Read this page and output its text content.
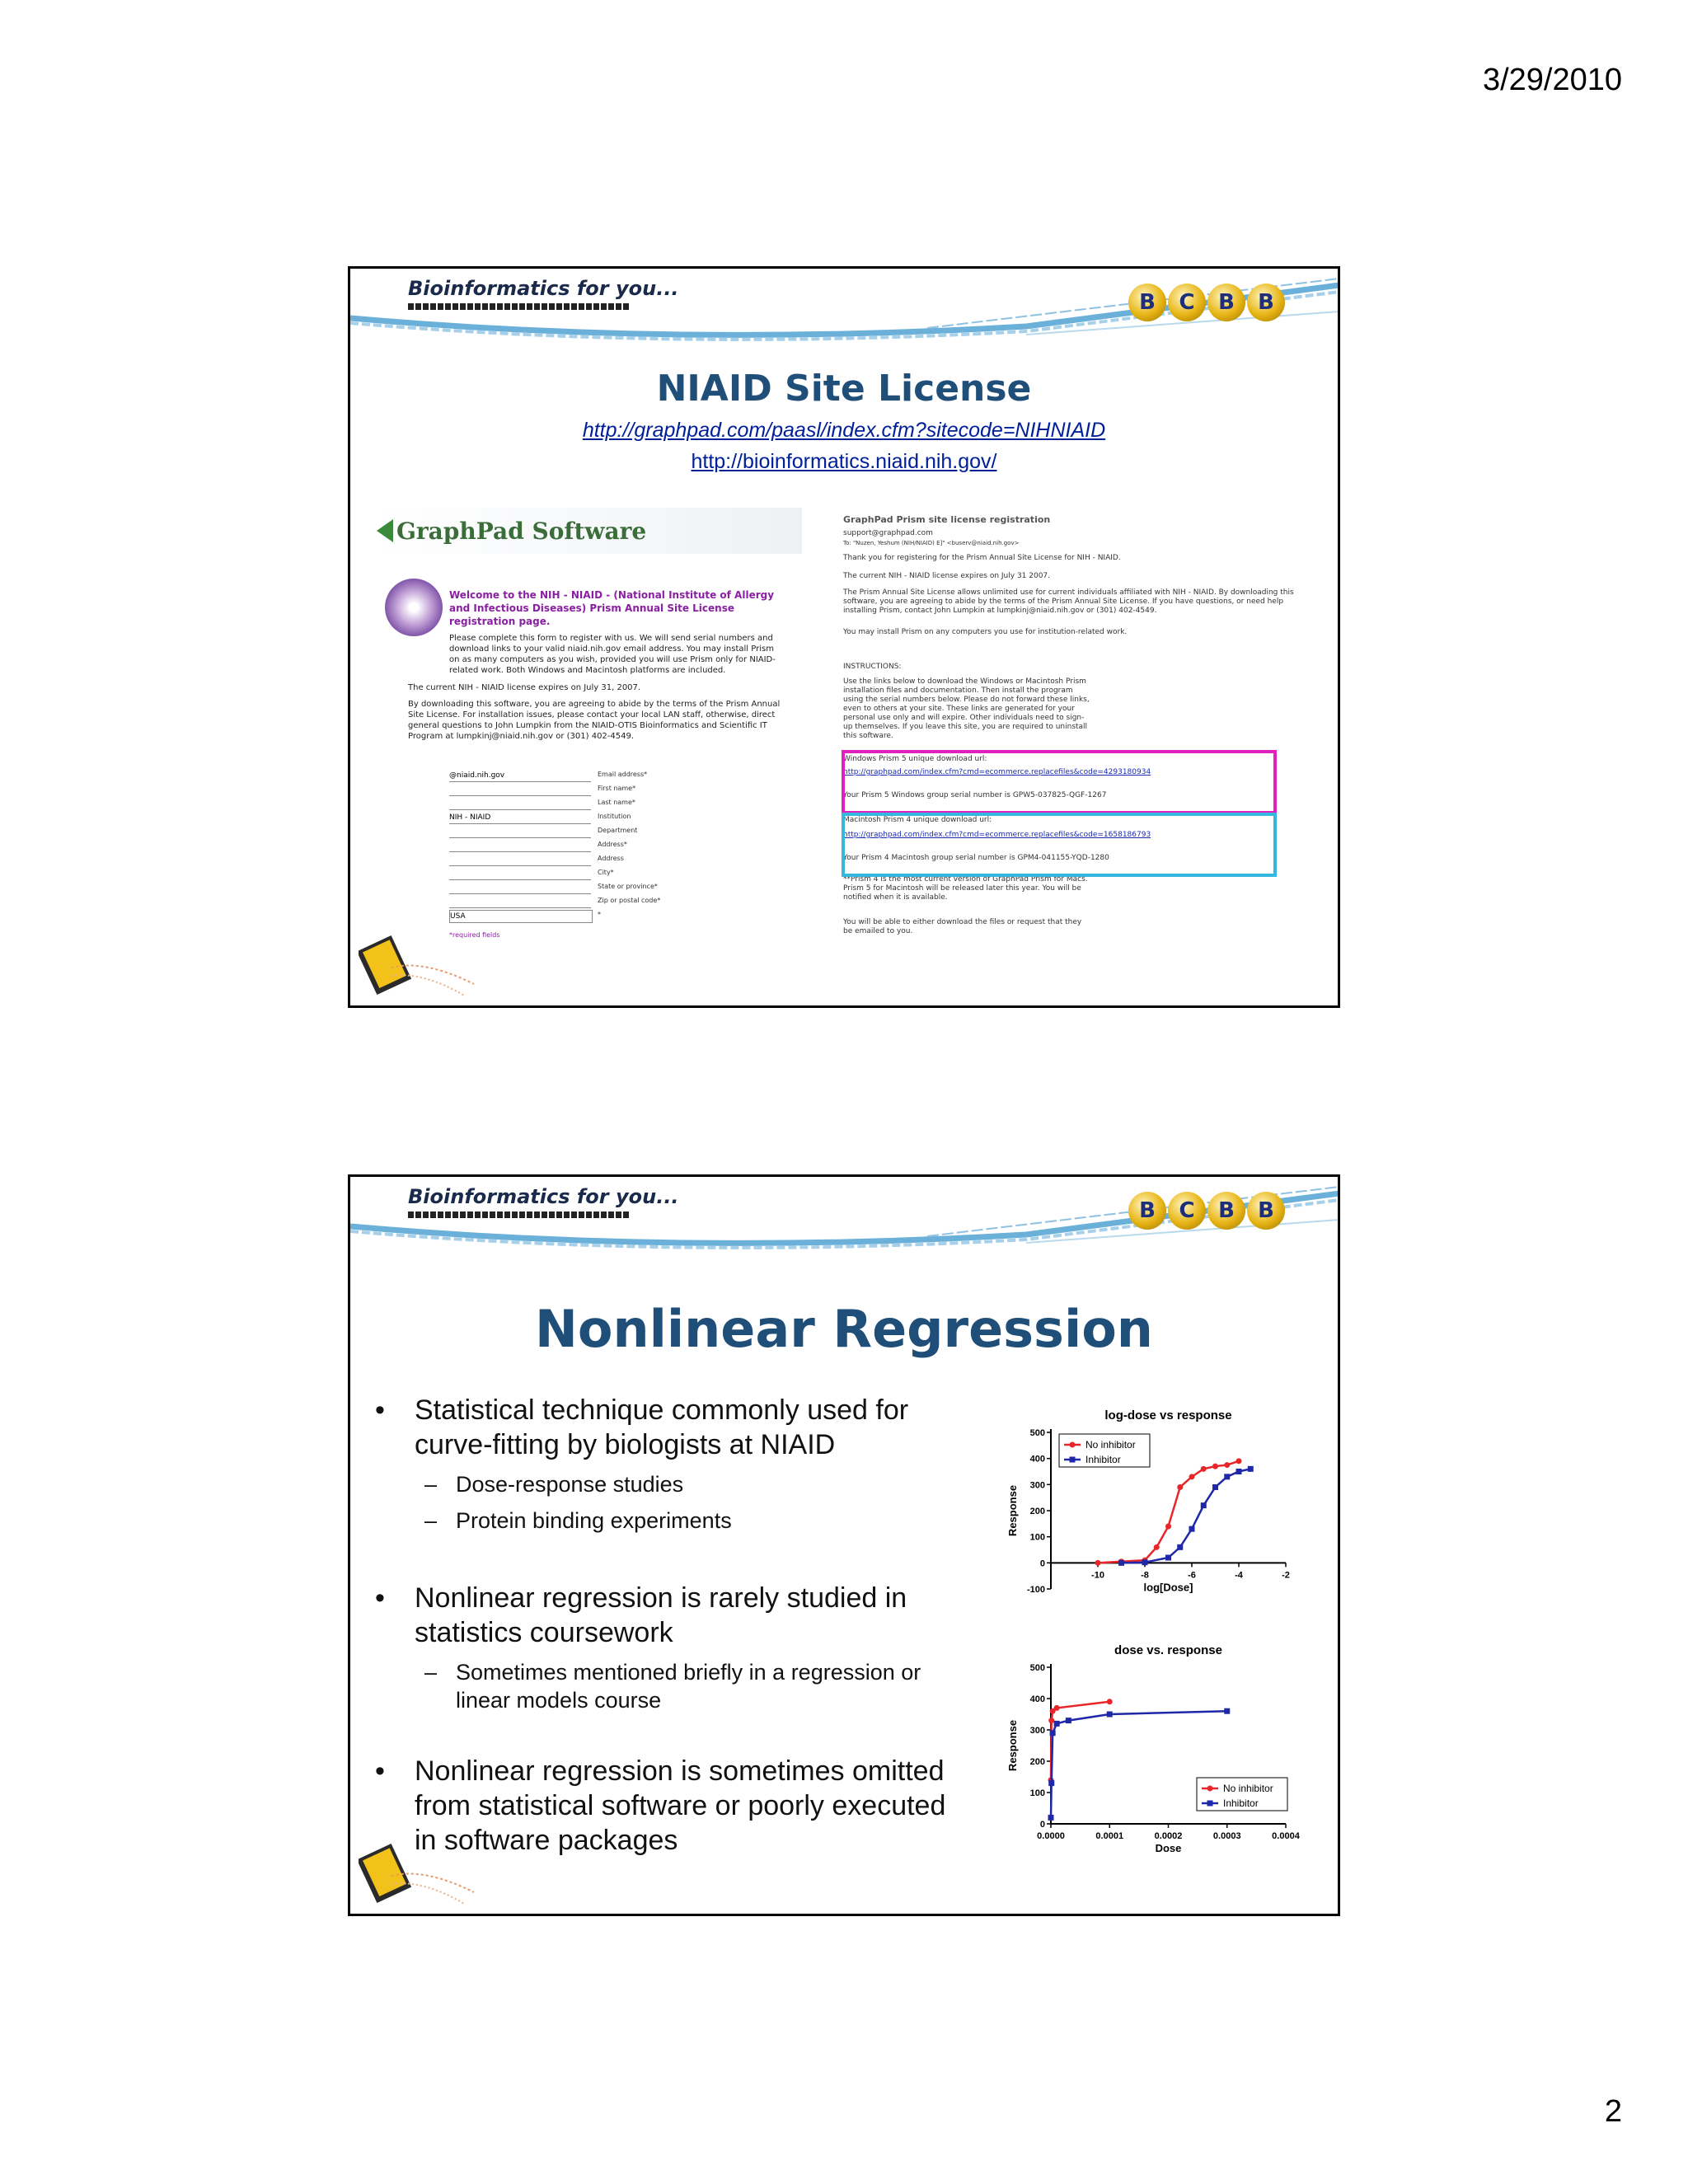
3/29/2010
Bioinformatics for you...
B	C	B	B
NIAID Site License
http://graphpad.com/paasl/index.cfm?sitecode=NIHNIAID
http://bioinformatics.niaid.nih.gov/
GraphPad Software
Welcome to the NIH - NIAID - (National Institute of Allergy and Infectious Diseases) Prism Annual Site License registration page.
Please complete this form to register with us. We will send serial numbers and download links to your valid niaid.nih.gov email address. You may install Prism on as many computers as you wish, provided you will use Prism only for NIAID-related work. Both Windows and Macintosh platforms are included.
The current NIH - NIAID license expires on July 31, 2007.
By downloading this software, you are agreeing to abide by the terms of the Prism Annual Site License. For installation issues, please contact your local LAN staff, otherwise, direct general questions to John Lumpkin from the NIAID-OTIS Bioinformatics and Scientific IT Program at lumpkinj@niaid.nih.gov or (301) 402-4549.
@niaid.nih.gov	Email address*
First name*
Last name*
NIH - NIAID	Institution
Department
Address*
Address
City*
State or province*
Zip or postal code*
USA	*
*required fields
GraphPad Prism site license registration
support@graphpad.com
To: "Nuzen, Yeshum (NIH/NIAID) E]" <buserv@niaid.nih.gov>
Thank you for registering for the Prism Annual Site License for NIH - NIAID.
The current NIH - NIAID license expires on July 31 2007.
The Prism Annual Site License allows unlimited use for current individuals affiliated with NIH - NIAID. By downloading this software, you are agreeing to abide by the terms of the Prism Annual Site License. If you have questions, or need help installing Prism, contact John Lumpkin at lumpkinj@niaid.nih.gov or (301) 402-4549.
You may install Prism on any computers you use for institution-related work.
INSTRUCTIONS:
Use the links below to download the Windows or Macintosh Prism installation files and documentation. Then install the program using the serial numbers below. Please do not forward these links, even to others at your site. These links are generated for your personal use only and will expire. Other individuals need to sign-up themselves. If you leave this site, you are required to uninstall this software.
Windows Prism 5 unique download url:
http://graphpad.com/index.cfm?cmd=ecommerce.replacefiles&code=4293180934
Your Prism 5 Windows group serial number is GPW5-037825-QGF-1267
Macintosh Prism 4 unique download url:
http://graphpad.com/index.cfm?cmd=ecommerce.replacefiles&code=1658186793
Your Prism 4 Macintosh group serial number is GPM4-041155-YQD-1280
**Prism 4 is the most current version of GraphPad Prism for Macs. Prism 5 for Macintosh will be released later this year. You will be notified when it is available.
You will be able to either download the files or request that they be emailed to you.
Bioinformatics for you...
B	C	B	B
Nonlinear Regression
• Statistical technique commonly used for curve-fitting by biologists at NIAID
– Dose-response studies
– Protein binding experiments
• Nonlinear regression is rarely studied in statistics coursework
– Sometimes mentioned briefly in a regression or linear models course
• Nonlinear regression is sometimes omitted from statistical software or poorly executed in software packages
log-dose vs response
-100
0
100
200
300
400
500
-10	-8	-6	-4	-2
log[Dose]
Response
No inhibitor
Inhibitor
dose vs. response
0
100
200
300
400
500
0.0000	0.0001	0.0002	0.0003	0.0004
Dose
Response
No inhibitor
Inhibitor
2
